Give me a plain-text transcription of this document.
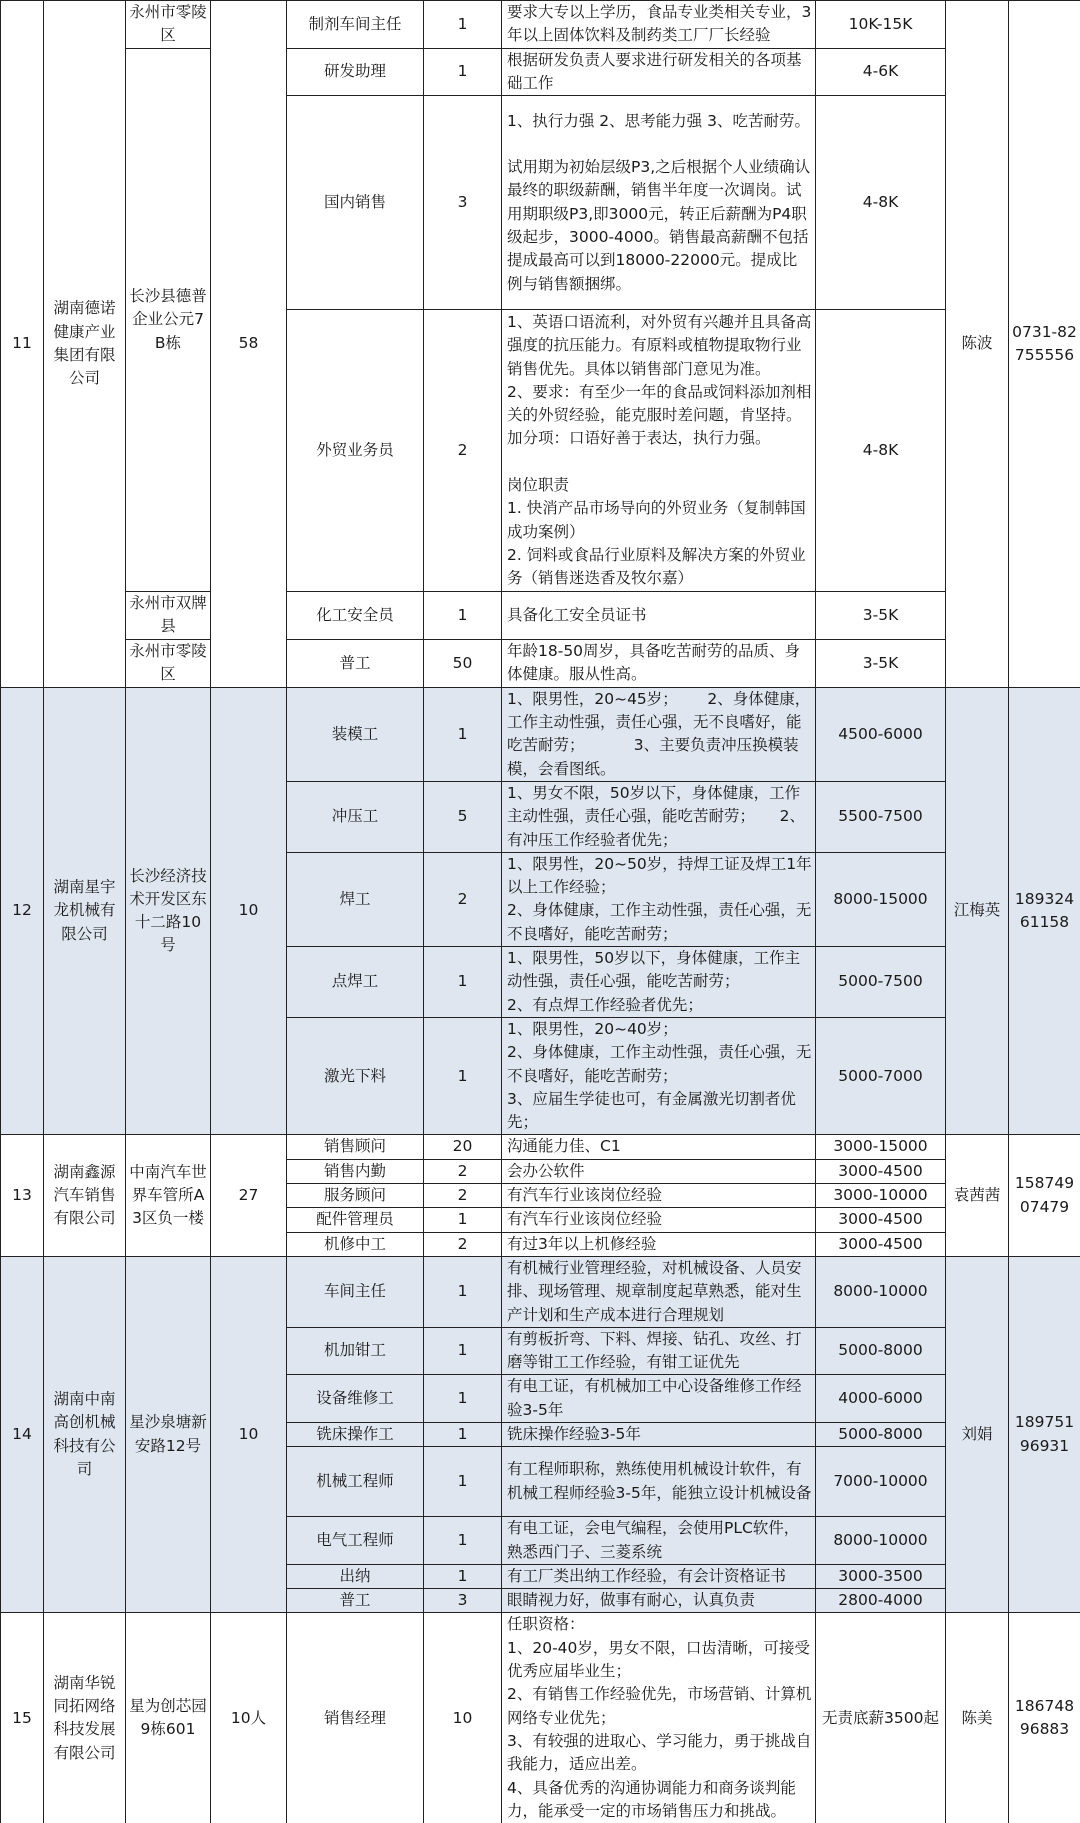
11	湖南德诺健康产业集团有限公司	永州市零陵区	58	制剂车间主任	1	要求大专以上学历，食品专业类相关专业，3年以上固体饮料及制药类工厂厂长经验	10K-15K	陈波	0731-82755556
		长沙县德普企业公元7B栋		研发助理	1	根据研发负责人要求进行研发相关的各项基础工作	4-6K		
				国内销售	3	1、执行力强 2、思考能力强 3、吃苦耐劳。

试用期为初始层级P3,之后根据个人业绩确认最终的职级薪酬，销售半年度一次调岗。试用期职级P3,即3000元，转正后薪酬为P4职级起步，3000-4000。销售最高薪酬不包括提成最高可以到18000-22000元。提成比例与销售额捆绑。	4-8K		
				外贸业务员	2	1、英语口语流利，对外贸有兴趣并且具备高强度的抗压能力。有原料或植物提取物行业销售优先。具体以销售部门意见为准。
2、要求：有至少一年的食品或饲料添加剂相关的外贸经验，能克服时差问题，肯坚持。加分项：口语好善于表达，执行力强。

岗位职责
1. 快消产品市场导向的外贸业务（复制韩国成功案例）
2. 饲料或食品行业原料及解决方案的外贸业务（销售迷迭香及牧尔嘉）	4-8K		
		永州市双牌县		化工安全员	1	具备化工安全员证书	3-5K		
		永州市零陵区		普工	50	年龄18-50周岁，具备吃苦耐劳的品质、身体健康。服从性高。	3-5K		
12	湖南星宇龙机械有限公司	长沙经济技术开发区东十二路10号	10	装模工	1	1、限男性，20~45岁；      2、身体健康，工作主动性强，责任心强，无不良嗜好，能吃苦耐劳；          3、主要负责冲压换模装模，会看图纸。	4500-6000	江梅英	18932461158
				冲压工	5	1、男女不限，50岁以下，身体健康，工作主动性强，责任心强，能吃苦耐劳；     2、有冲压工作经验者优先；	5500-7500		
				焊工	2	1、限男性，20~50岁，持焊工证及焊工1年以上工作经验；
2、身体健康，工作主动性强，责任心强，无不良嗜好，能吃苦耐劳；	8000-15000		
				点焊工	1	1、限男性，50岁以下，身体健康，工作主动性强，责任心强，能吃苦耐劳；
2、有点焊工作经验者优先；	5000-7500		
				激光下料	1	1、限男性，20~40岁；
2、身体健康，工作主动性强，责任心强，无不良嗜好，能吃苦耐劳；
3、应届生学徒也可，有金属激光切割者优先；	5000-7000		
13	湖南鑫源汽车销售有限公司	中南汽车世界车管所A3区负一楼	27	销售顾问	20	沟通能力佳、C1	3000-15000	袁茜茜	15874907479
				销售内勤	2	会办公软件	3000-4500		
				服务顾问	2	有汽车行业该岗位经验	3000-10000		
				配件管理员	1	有汽车行业该岗位经验	3000-4500		
				机修中工	2	有过3年以上机修经验	3000-4500		
14	湖南中南高创机械科技有公司	星沙泉塘新安路12号	10	车间主任	1	有机械行业管理经验，对机械设备、人员安排、现场管理、规章制度起草熟悉，能对生产计划和生产成本进行合理规划	8000-10000	刘娟	18975196931
				机加钳工	1	有剪板折弯、下料、焊接、钻孔、攻丝、打磨等钳工工作经验，有钳工证优先	5000-8000		
				设备维修工	1	有电工证，有机械加工中心设备维修工作经验3-5年	4000-6000		
				铣床操作工	1	铣床操作经验3-5年	5000-8000		
				机械工程师	1	有工程师职称，熟练使用机械设计软件，有机械工程师经验3-5年，能独立设计机械设备	7000-10000		
				电气工程师	1	有电工证，会电气编程，会使用PLC软件，熟悉西门子、三菱系统	8000-10000		
				出纳	1	有工厂类出纳工作经验，有会计资格证书	3000-3500		
				普工	3	眼睛视力好，做事有耐心，认真负责	2800-4000		
15	湖南华锐同拓网络科技发展有限公司	星为创芯园9栋601	10人	销售经理	10	任职资格：
1、20-40岁，男女不限，口齿清晰，可接受优秀应届毕业生；
2、有销售工作经验优先，市场营销、计算机网络专业优先；
3、有较强的进取心、学习能力，勇于挑战自我能力，适应出差。
4、具备优秀的沟通协调能力和商务谈判能力，能承受一定的市场销售压力和挑战。	无责底薪3500起	陈美	18674896883
